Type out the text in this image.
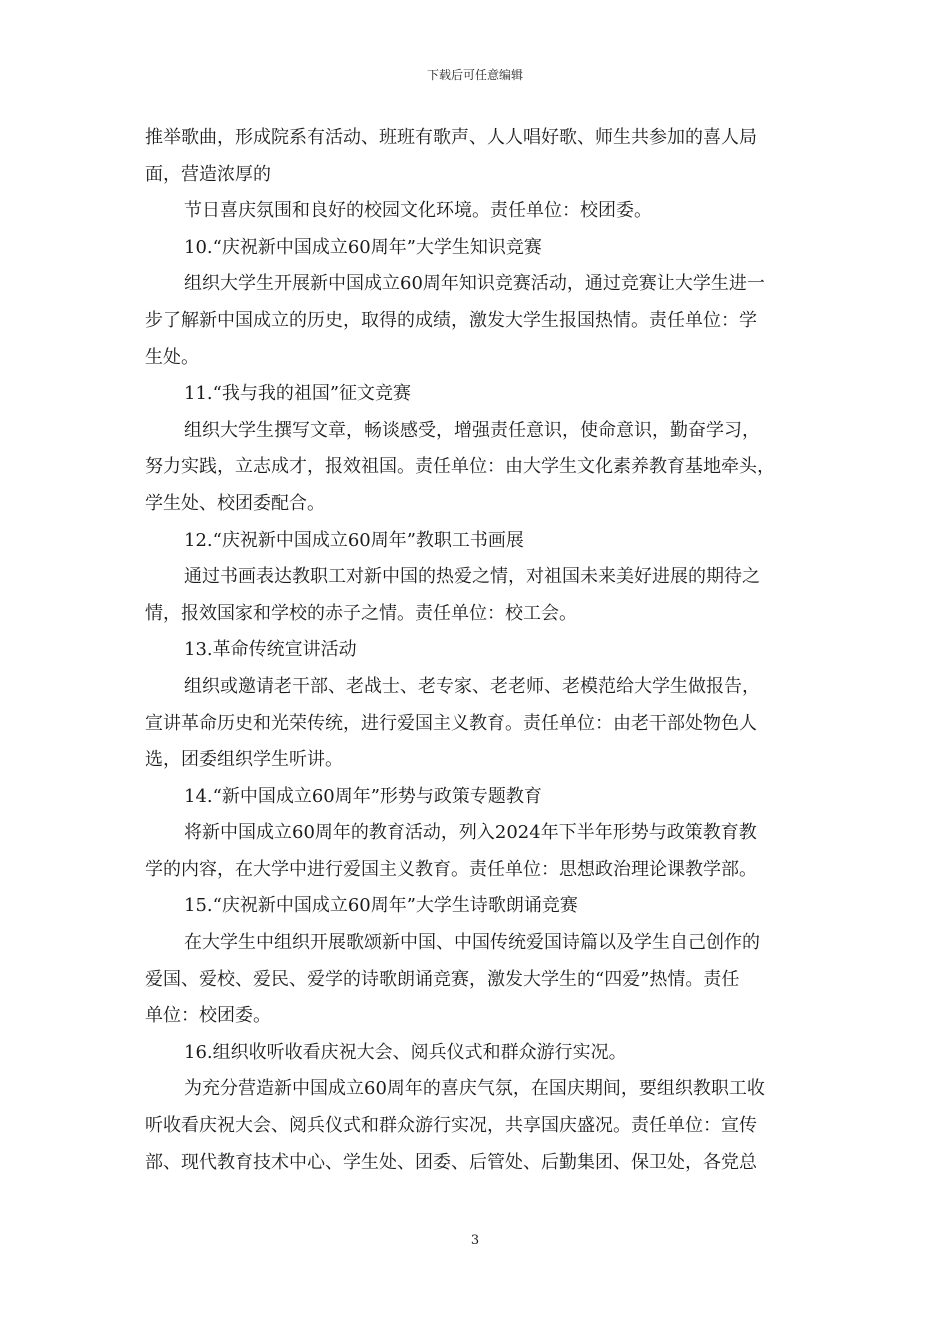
下载后可任意编辑
推举歌曲，形成院系有活动、班班有歌声、人人唱好歌、师生共参加的喜人局
面，营造浓厚的
节日喜庆氛围和良好的校园文化环境。责任单位：校团委。
10.“庆祝新中国成立60周年”大学生知识竞赛
组织大学生开展新中国成立60周年知识竞赛活动，通过竞赛让大学生进一
步了解新中国成立的历史，取得的成绩，激发大学生报国热情。责任单位：学
生处。
11.“我与我的祖国”征文竞赛
组织大学生撰写文章，畅谈感受，增强责任意识，使命意识，勤奋学习，
努力实践，立志成才，报效祖国。责任单位：由大学生文化素养教育基地牵头，
学生处、校团委配合。
12.“庆祝新中国成立60周年”教职工书画展
通过书画表达教职工对新中国的热爱之情，对祖国未来美好进展的期待之
情，报效国家和学校的赤子之情。责任单位：校工会。
13.革命传统宣讲活动
组织或邀请老干部、老战士、老专家、老老师、老模范给大学生做报告，
宣讲革命历史和光荣传统，进行爱国主义教育。责任单位：由老干部处物色人
选，团委组织学生听讲。
14.“新中国成立60周年”形势与政策专题教育
将新中国成立60周年的教育活动，列入2024年下半年形势与政策教育教
学的内容，在大学中进行爱国主义教育。责任单位：思想政治理论课教学部。
15.“庆祝新中国成立60周年”大学生诗歌朗诵竞赛
在大学生中组织开展歌颂新中国、中国传统爱国诗篇以及学生自己创作的
爱国、爱校、爱民、爱学的诗歌朗诵竞赛，激发大学生的“四爱”热情。责任
单位：校团委。
16.组织收听收看庆祝大会、阅兵仪式和群众游行实况。
为充分营造新中国成立60周年的喜庆气氛，在国庆期间，要组织教职工收
听收看庆祝大会、阅兵仪式和群众游行实况，共享国庆盛况。责任单位：宣传
部、现代教育技术中心、学生处、团委、后管处、后勤集团、保卫处，各党总
3
